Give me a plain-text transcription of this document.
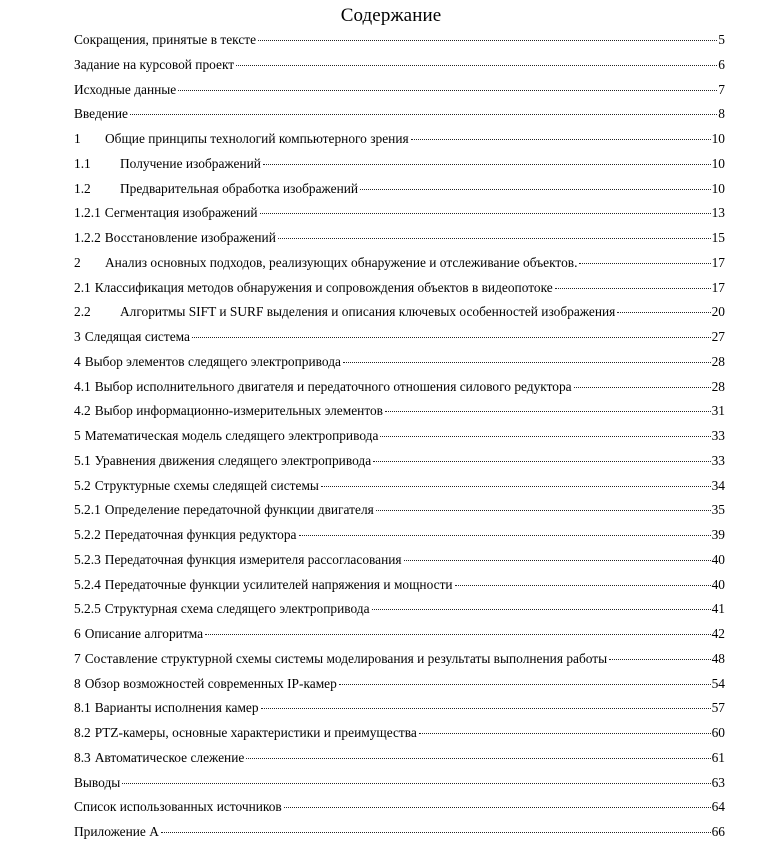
Содержание
Сокращения, принятые в тексте	5
Задание на курсовой проект	6
Исходные данные	7
Введение	8
1	Общие принципы технологий компьютерного зрения	10
1.1	Получение изображений	10
1.2	Предварительная обработка изображений	10
1.2.1 Сегментация изображений	13
1.2.2 Восстановление изображений	15
2	Анализ основных подходов, реализующих обнаружение и отслеживание объектов.	17
2.1 Классификация методов обнаружения и сопровождения объектов в видеопотоке	17
2.2	Алгоритмы SIFT и SURF выделения и описания ключевых особенностей изображения	20
3 Следящая система	27
4 Выбор элементов следящего электропривода	28
4.1 Выбор исполнительного двигателя и передаточного отношения силового редуктора	28
4.2 Выбор информационно-измерительных элементов	31
5 Математическая модель следящего электропривода	33
5.1 Уравнения движения следящего электропривода	33
5.2 Структурные схемы следящей системы	34
5.2.1 Определение передаточной функции двигателя	35
5.2.2 Передаточная функция редуктора	39
5.2.3 Передаточная функция измерителя рассогласования	40
5.2.4 Передаточные функции усилителей напряжения и мощности	40
5.2.5 Структурная схема следящего электропривода	41
6 Описание алгоритма	42
7 Составление структурной схемы системы моделирования и результаты выполнения работы	48
8 Обзор возможностей современных IP-камер	54
8.1 Варианты исполнения камер	57
8.2 PTZ-камеры, основные характеристики и преимущества	60
8.3 Автоматическое слежение	61
Выводы	63
Список использованных источников	64
Приложение А	66
